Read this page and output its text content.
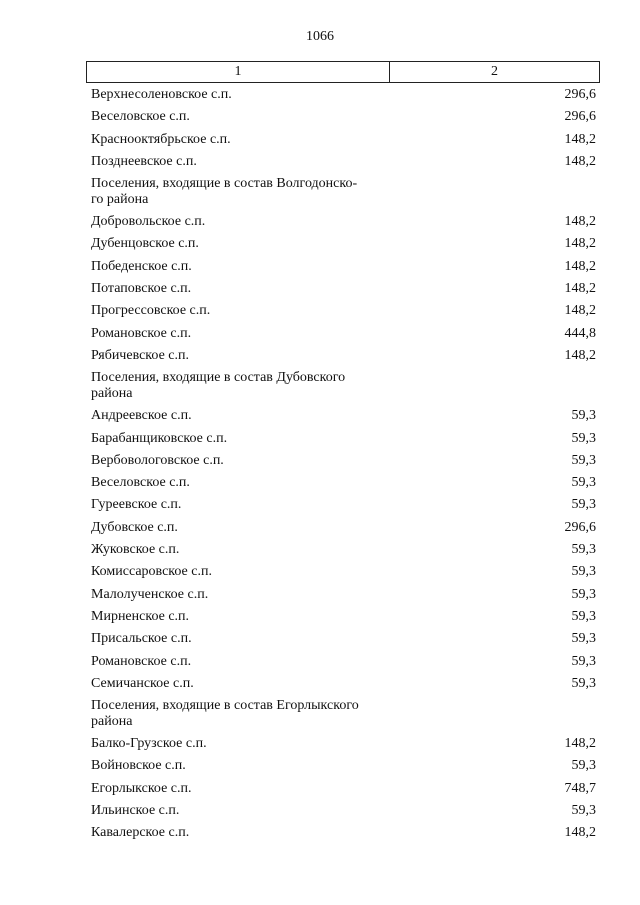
1066
1	2
Верхнесоленовское с.п.	296,6
Веселовское с.п.	296,6
Краснооктябрьское с.п.	148,2
Позднеевское с.п.	148,2
Поселения, входящие в состав Волгодонско-
го района
Добровольское с.п.	148,2
Дубенцовское с.п.	148,2
Победенское с.п.	148,2
Потаповское с.п.	148,2
Прогрессовское с.п.	148,2
Романовское с.п.	444,8
Рябичевское с.п.	148,2
Поселения, входящие в состав Дубовского
района
Андреевское с.п.	59,3
Барабанщиковское с.п.	59,3
Вербовологовское с.п.	59,3
Веселовское с.п.	59,3
Гуреевское с.п.	59,3
Дубовское с.п.	296,6
Жуковское с.п.	59,3
Комиссаровское с.п.	59,3
Малолученское с.п.	59,3
Мирненское с.п.	59,3
Присальское с.п.	59,3
Романовское с.п.	59,3
Семичанское с.п.	59,3
Поселения, входящие в состав Егорлыкского
района
Балко-Грузское с.п.	148,2
Войновское с.п.	59,3
Егорлыкское с.п.	748,7
Ильинское с.п.	59,3
Кавалерское с.п.	148,2
